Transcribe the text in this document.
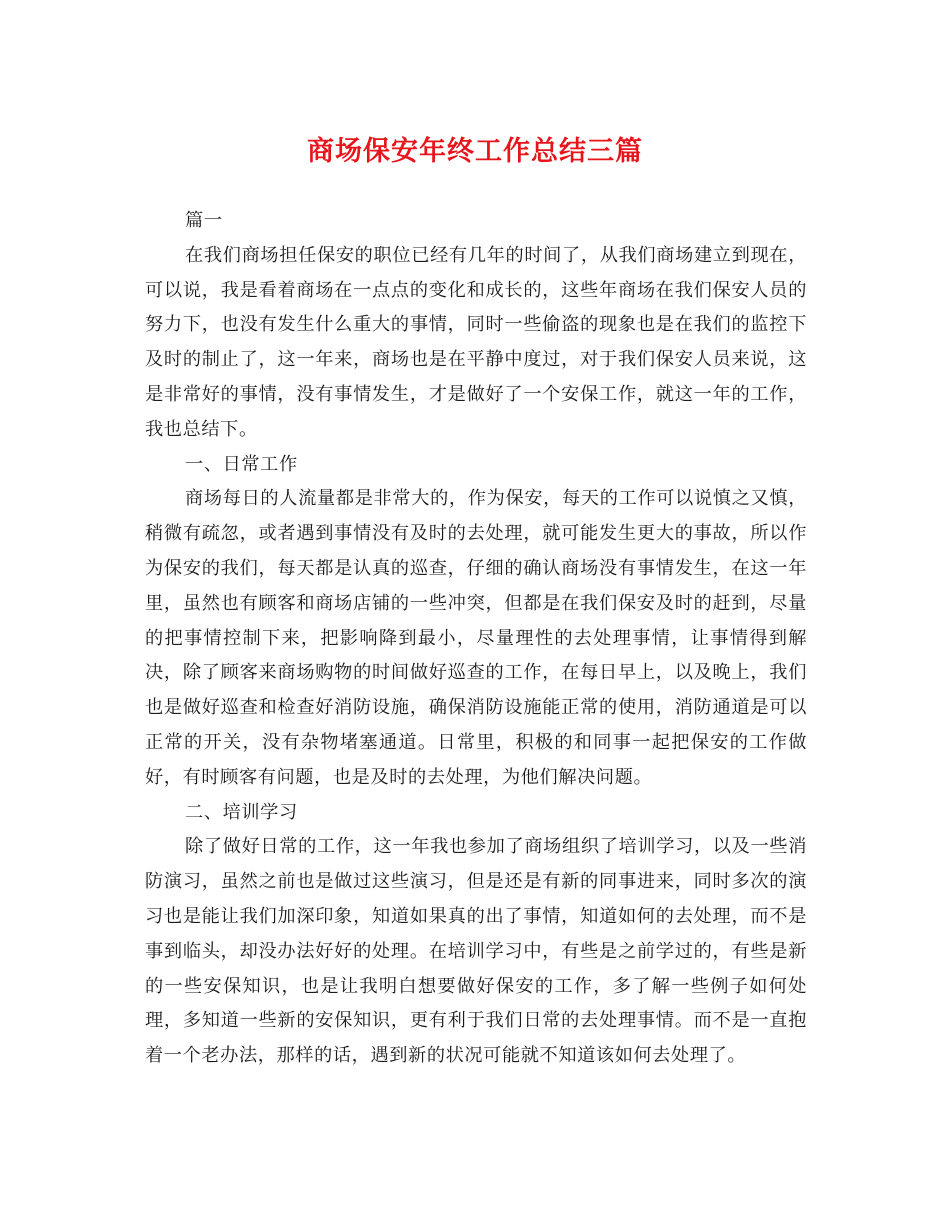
商场保安年终工作总结三篇

篇一

在我们商场担任保安的职位已经有几年的时间了，从我们商场建立到现在，可以说，我是看着商场在一点点的变化和成长的，这些年商场在我们保安人员的努力下，也没有发生什么重大的事情，同时一些偷盗的现象也是在我们的监控下及时的制止了，这一年来，商场也是在平静中度过，对于我们保安人员来说，这是非常好的事情，没有事情发生，才是做好了一个安保工作，就这一年的工作，我也总结下。

一、日常工作

商场每日的人流量都是非常大的，作为保安，每天的工作可以说慎之又慎，稍微有疏忽，或者遇到事情没有及时的去处理，就可能发生更大的事故，所以作为保安的我们，每天都是认真的巡查，仔细的确认商场没有事情发生，在这一年里，虽然也有顾客和商场店铺的一些冲突，但都是在我们保安及时的赶到，尽量的把事情控制下来，把影响降到最小，尽量理性的去处理事情，让事情得到解决，除了顾客来商场购物的时间做好巡查的工作，在每日早上，以及晚上，我们也是做好巡查和检查好消防设施，确保消防设施能正常的使用，消防通道是可以正常的开关，没有杂物堵塞通道。日常里，积极的和同事一起把保安的工作做好，有时顾客有问题，也是及时的去处理，为他们解决问题。

二、培训学习

除了做好日常的工作，这一年我也参加了商场组织了培训学习，以及一些消防演习，虽然之前也是做过这些演习，但是还是有新的同事进来，同时多次的演习也是能让我们加深印象，知道如果真的出了事情，知道如何的去处理，而不是事到临头，却没办法好好的处理。在培训学习中，有些是之前学过的，有些是新的一些安保知识，也是让我明白想要做好保安的工作，多了解一些例子如何处理，多知道一些新的安保知识，更有利于我们日常的去处理事情。而不是一直抱着一个老办法，那样的话，遇到新的状况可能就不知道该如何去处理了。
